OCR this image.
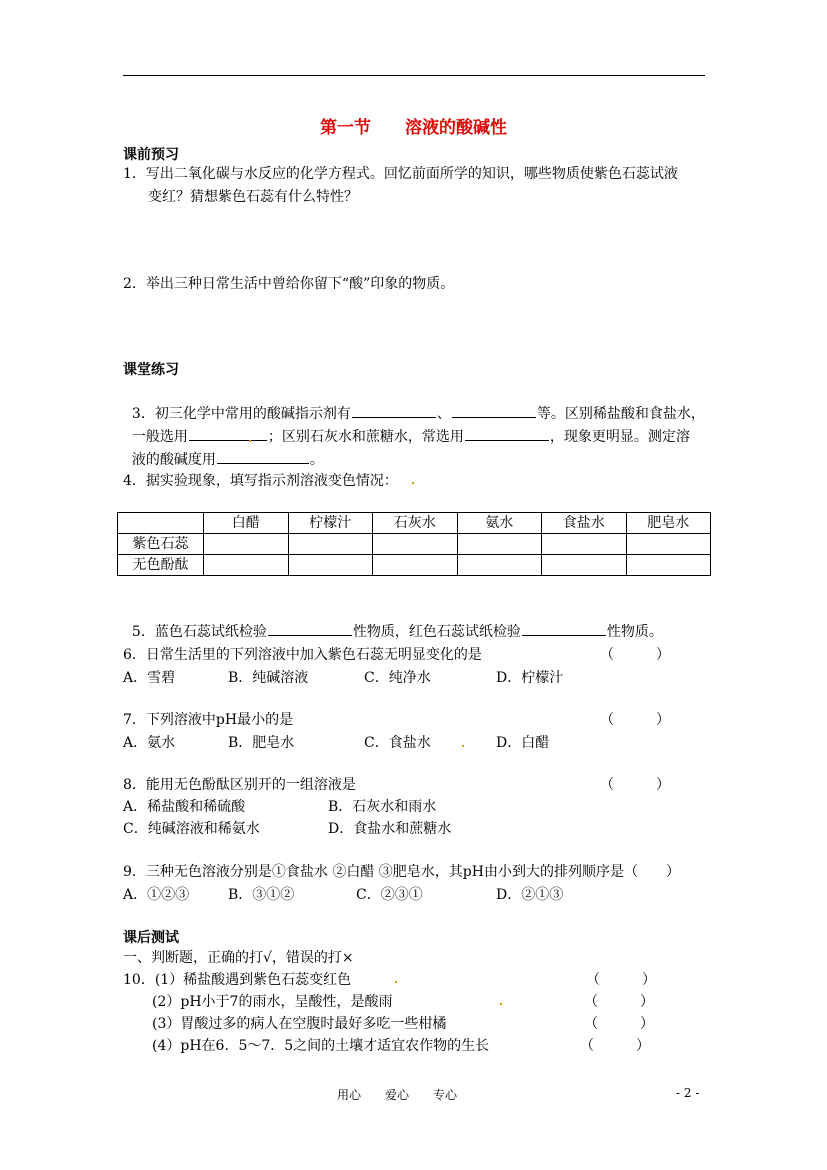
第一节　　溶液的酸碱性
课前预习
1．写出二氧化碳与水反应的化学方程式。回忆前面所学的知识，哪些物质使紫色石蕊试液
变红？猜想紫色石蕊有什么特性？
2．举出三种日常生活中曾给你留下“酸”印象的物质。
课堂练习

3．初三化学中常用的酸碱指示剂有	、	等。区别稀盐酸和食盐水，

一般选用	；区别石灰水和蔗糖水，常选用	，现象更明显。测定溶

液的酸碱度用	。

4．据实验现象，填写指示剂溶液变色情况：
	白醋	柠檬汁	石灰水	氨水	食盐水	肥皂水
紫色石蕊						
无色酚酞						

5．蓝色石蕊试纸检验	性物质，红色石蕊试纸检验	性物质。

6．日常生活里的下列溶液中加入紫色石蕊无明显变化的是	（　　　）
A．雪碧	B．纯碱溶液	C．纯净水	D．柠檬汁
7．下列溶液中pH最小的是	（　　　）
A．氨水	B．肥皂水	C．食盐水	D．白醋
8．能用无色酚酞区别开的一组溶液是	（　　　）
A．稀盐酸和稀硫酸	B．石灰水和雨水
C．纯碱溶液和稀氨水	D．食盐水和蔗糖水
9．三种无色溶液分别是①食盐水 ②白醋 ③肥皂水，其pH由小到大的排列顺序是（　　）
A．①②③	B．③①②	C．②③①	D．②①③
课后测试
一、判断题，正确的打√，错误的打×
10．(1）稀盐酸遇到紫色石蕊变红色	（　　　）
(2）pH小于7的雨水，呈酸性，是酸雨	（　　　）
(3）胃酸过多的病人在空腹时最好多吃一些柑橘	（　　　）
(4）pH在6．5～7．5之间的土壤才适宜农作物的生长	（　　　）
用心　　爱心　　专心	- 2 -
